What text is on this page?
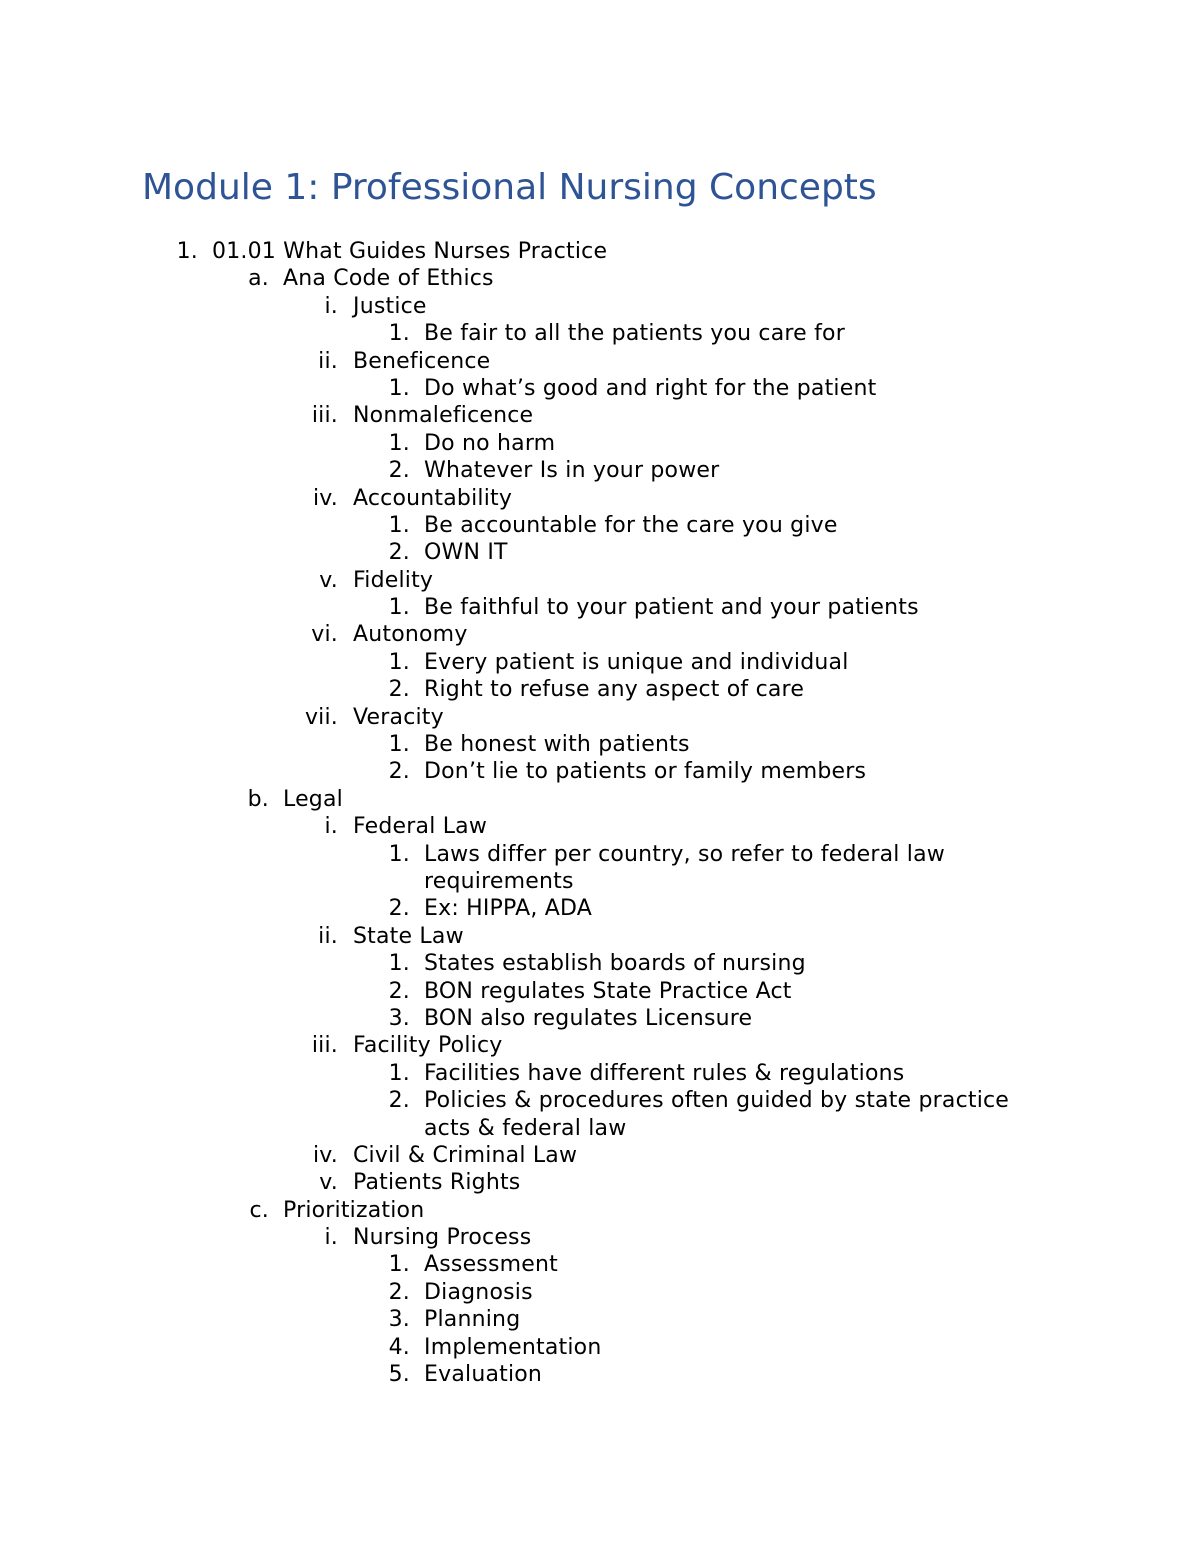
Module 1: Professional Nursing Concepts
1. 01.01 What Guides Nurses Practice
a. Ana Code of Ethics
i. Justice
1. Be fair to all the patients you care for
ii. Beneficence
1. Do what’s good and right for the patient
iii. Nonmaleficence
1. Do no harm
2. Whatever Is in your power
iv. Accountability
1. Be accountable for the care you give
2. OWN IT
v. Fidelity
1. Be faithful to your patient and your patients
vi. Autonomy
1. Every patient is unique and individual
2. Right to refuse any aspect of care
vii. Veracity
1. Be honest with patients
2. Don’t lie to patients or family members
b. Legal
i. Federal Law
1. Laws differ per country, so refer to federal law
requirements
2. Ex: HIPPA, ADA
ii. State Law
1. States establish boards of nursing
2. BON regulates State Practice Act
3. BON also regulates Licensure
iii. Facility Policy
1. Facilities have different rules & regulations
2. Policies & procedures often guided by state practice
acts & federal law
iv. Civil & Criminal Law
v. Patients Rights
c. Prioritization
i. Nursing Process
1. Assessment
2. Diagnosis
3. Planning
4. Implementation
5. Evaluation
